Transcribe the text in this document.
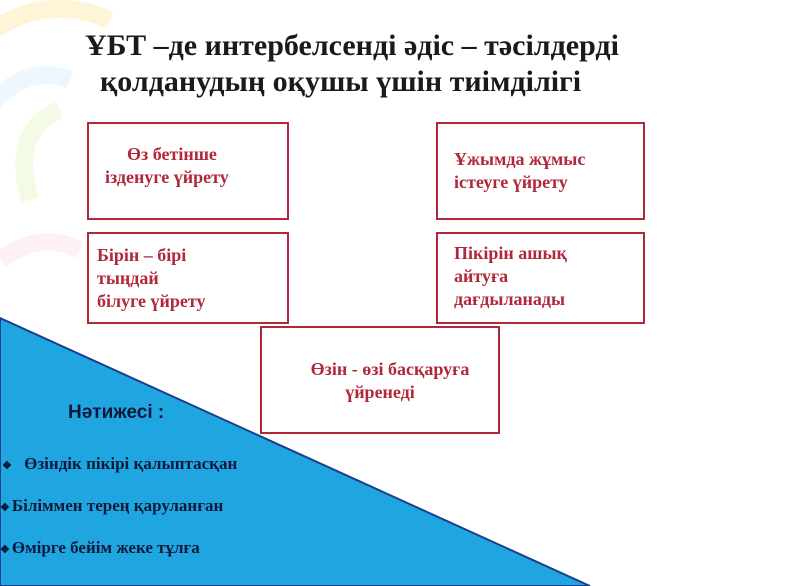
ҰБТ –де интербелсенді әдіс – тәсілдерді
қолданудың оқушы үшін тиімділігі
Өз бетінше
ізденуге үйрету
Ұжымда жұмыс
істеуге үйрету
Бірін – бірі
тыңдай
білуге үйрету
Пікірін ашық
айтуға
дағдыланады
Өзін - өзі басқаруға
үйренеді
Нәтижесі :
❖ Өзіндік пікірі қалыптасқан
❖ Біліммен терең қаруланған
❖ Өмірге бейім жеке тұлға
